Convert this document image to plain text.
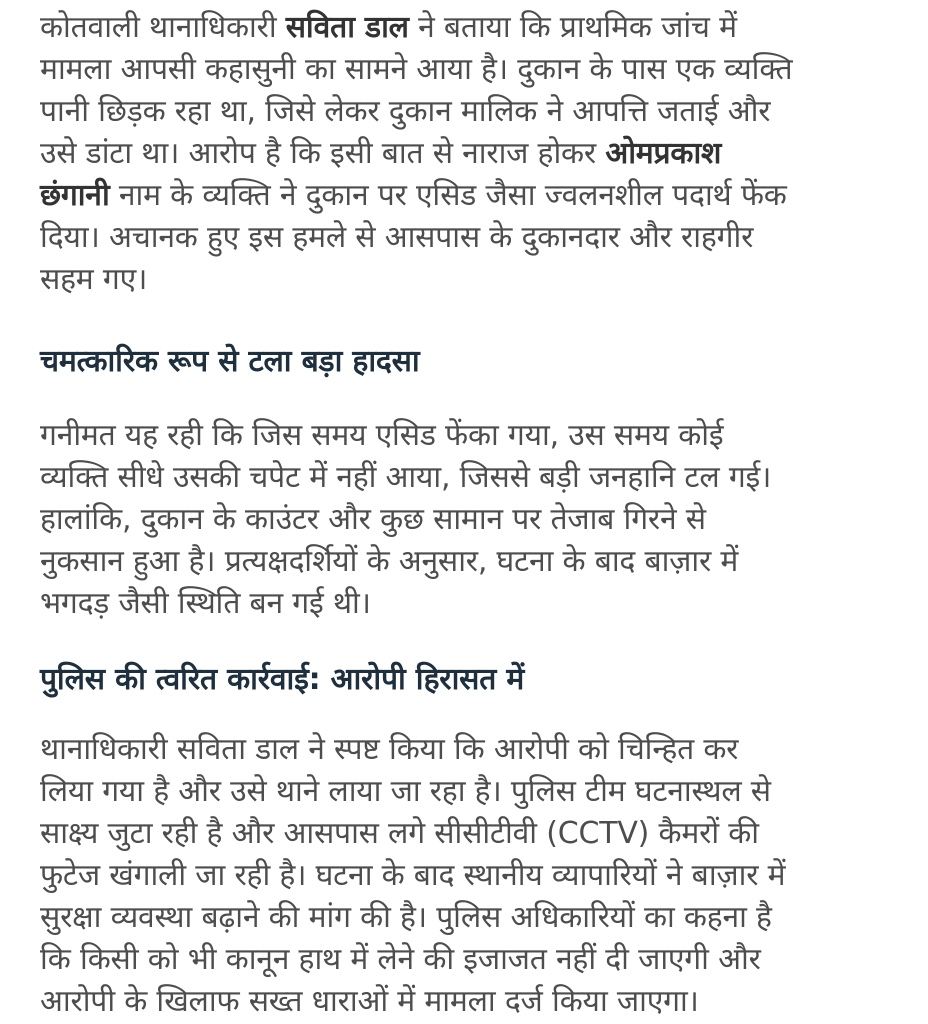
कोतवाली थानाधिकारी सविता डाल ने बताया कि प्राथमिक जांच में
मामला आपसी कहासुनी का सामने आया है। दुकान के पास एक व्यक्ति
पानी छिड़क रहा था, जिसे लेकर दुकान मालिक ने आपत्ति जताई और
उसे डांटा था। आरोप है कि इसी बात से नाराज होकर ओमप्रकाश
छंगानी नाम के व्यक्ति ने दुकान पर एसिड जैसा ज्वलनशील पदार्थ फेंक
दिया। अचानक हुए इस हमले से आसपास के दुकानदार और राहगीर
सहम गए।

चमत्कारिक रूप से टला बड़ा हादसा

गनीमत यह रही कि जिस समय एसिड फेंका गया, उस समय कोई
व्यक्ति सीधे उसकी चपेट में नहीं आया, जिससे बड़ी जनहानि टल गई।
हालांकि, दुकान के काउंटर और कुछ सामान पर तेजाब गिरने से
नुकसान हुआ है। प्रत्यक्षदर्शियों के अनुसार, घटना के बाद बाज़ार में
भगदड़ जैसी स्थिति बन गई थी।

पुलिस की त्वरित कार्रवाई: आरोपी हिरासत में

थानाधिकारी सविता डाल ने स्पष्ट किया कि आरोपी को चिन्हित कर
लिया गया है और उसे थाने लाया जा रहा है। पुलिस टीम घटनास्थल से
साक्ष्य जुटा रही है और आसपास लगे सीसीटीवी (CCTV) कैमरों की
फुटेज खंगाली जा रही है। घटना के बाद स्थानीय व्यापारियों ने बाज़ार में
सुरक्षा व्यवस्था बढ़ाने की मांग की है। पुलिस अधिकारियों का कहना है
कि किसी को भी कानून हाथ में लेने की इजाजत नहीं दी जाएगी और
आरोपी के खिलाफ सख्त धाराओं में मामला दर्ज किया जाएगा।
